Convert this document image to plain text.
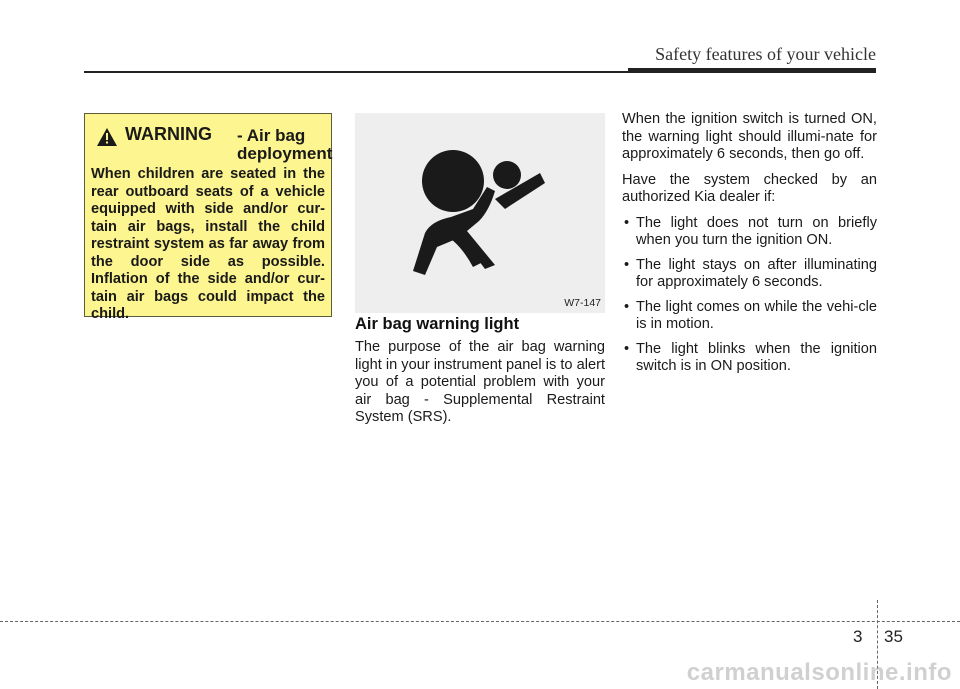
Safety features of your vehicle
WARNING - Air bag
deployment

When children are seated in the rear outboard seats of a vehicle equipped with side and/or cur-tain air bags, install the child restraint system as far away from the door side as possible. Inflation of the side and/or cur-tain air bags could impact the child.

W7-147
Air bag warning light

The purpose of the air bag warning light in your instrument panel is to alert you of a potential problem with your air bag - Supplemental Restraint System (SRS).

When the ignition switch is turned ON, the warning light should illumi-nate for approximately 6 seconds, then go off.

Have the system checked by an authorized Kia dealer if:

• The light does not turn on briefly when you turn the ignition ON.
• The light stays on after illuminating for approximately 6 seconds.
• The light comes on while the vehi-cle is in motion.
• The light blinks when the ignition switch is in ON position.
3 35
carmanualsonline.info
